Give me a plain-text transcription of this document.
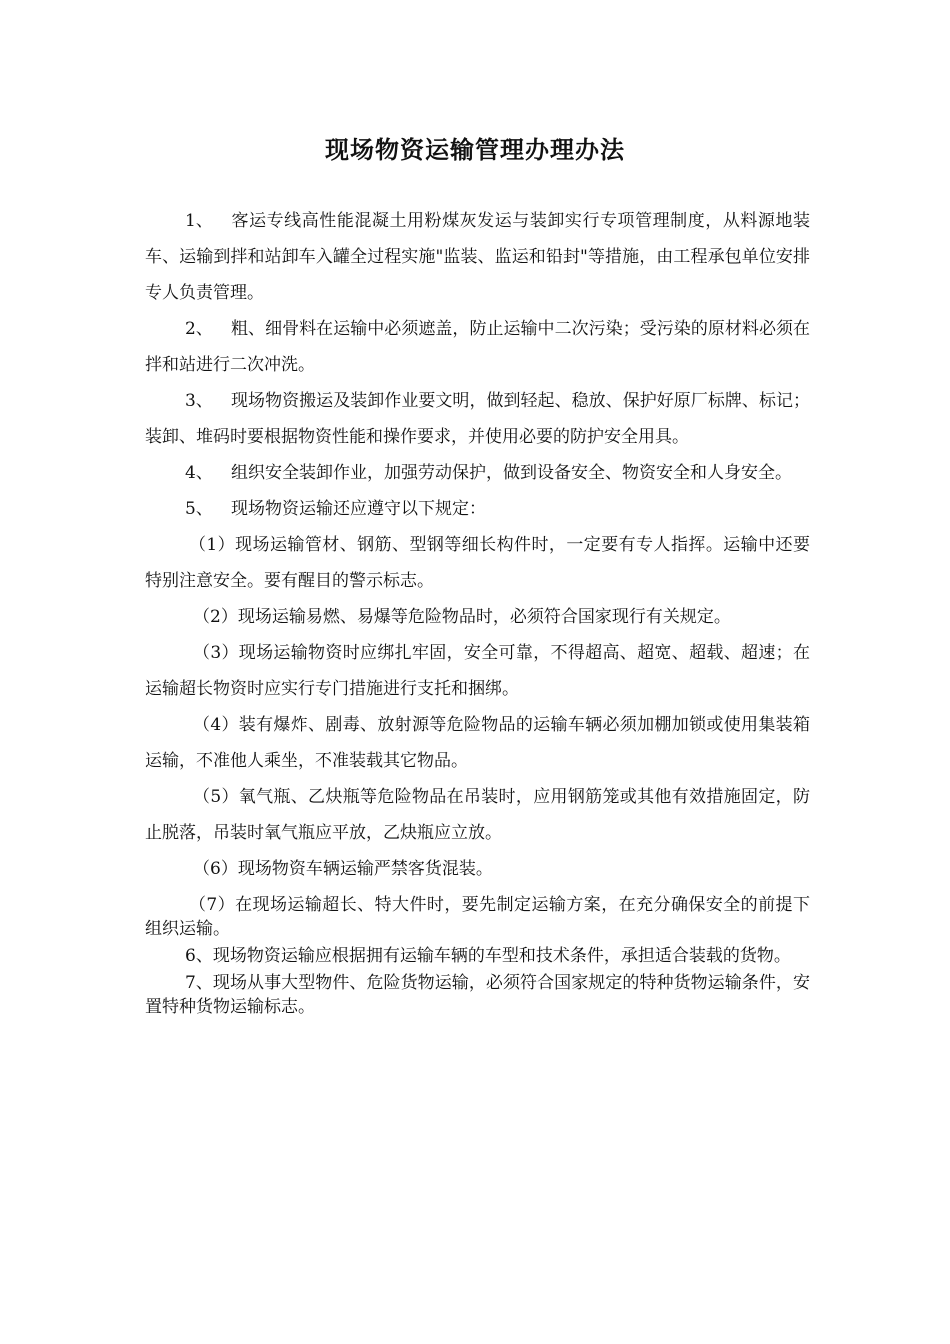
现场物资运输管理办理办法

1、 客运专线高性能混凝土用粉煤灰发运与装卸实行专项管理制度，从料源地装车、运输到拌和站卸车入罐全过程实施"监装、监运和铅封"等措施，由工程承包单位安排专人负责管理。

2、 粗、细骨料在运输中必须遮盖，防止运输中二次污染；受污染的原材料必须在拌和站进行二次冲洗。

3、 现场物资搬运及装卸作业要文明，做到轻起、稳放、保护好原厂标牌、标记；装卸、堆码时要根据物资性能和操作要求，并使用必要的防护安全用具。

4、 组织安全装卸作业，加强劳动保护，做到设备安全、物资安全和人身安全。

5、 现场物资运输还应遵守以下规定：

（1）现场运输管材、钢筋、型钢等细长构件时，一定要有专人指挥。运输中还要特别注意安全。要有醒目的警示标志。

（2）现场运输易燃、易爆等危险物品时，必须符合国家现行有关规定。

（3）现场运输物资时应绑扎牢固，安全可靠，不得超高、超宽、超载、超速；在运输超长物资时应实行专门措施进行支托和捆绑。

（4）装有爆炸、剧毒、放射源等危险物品的运输车辆必须加棚加锁或使用集装箱运输，不准他人乘坐，不准装载其它物品。

（5）氧气瓶、乙炔瓶等危险物品在吊装时，应用钢筋笼或其他有效措施固定，防止脱落，吊装时氧气瓶应平放，乙炔瓶应立放。

（6）现场物资车辆运输严禁客货混装。

（7）在现场运输超长、特大件时，要先制定运输方案，在充分确保安全的前提下组织运输。

6、现场物资运输应根据拥有运输车辆的车型和技术条件，承担适合装载的货物。

7、现场从事大型物件、危险货物运输，必须符合国家规定的特种货物运输条件，安置特种货物运输标志。
